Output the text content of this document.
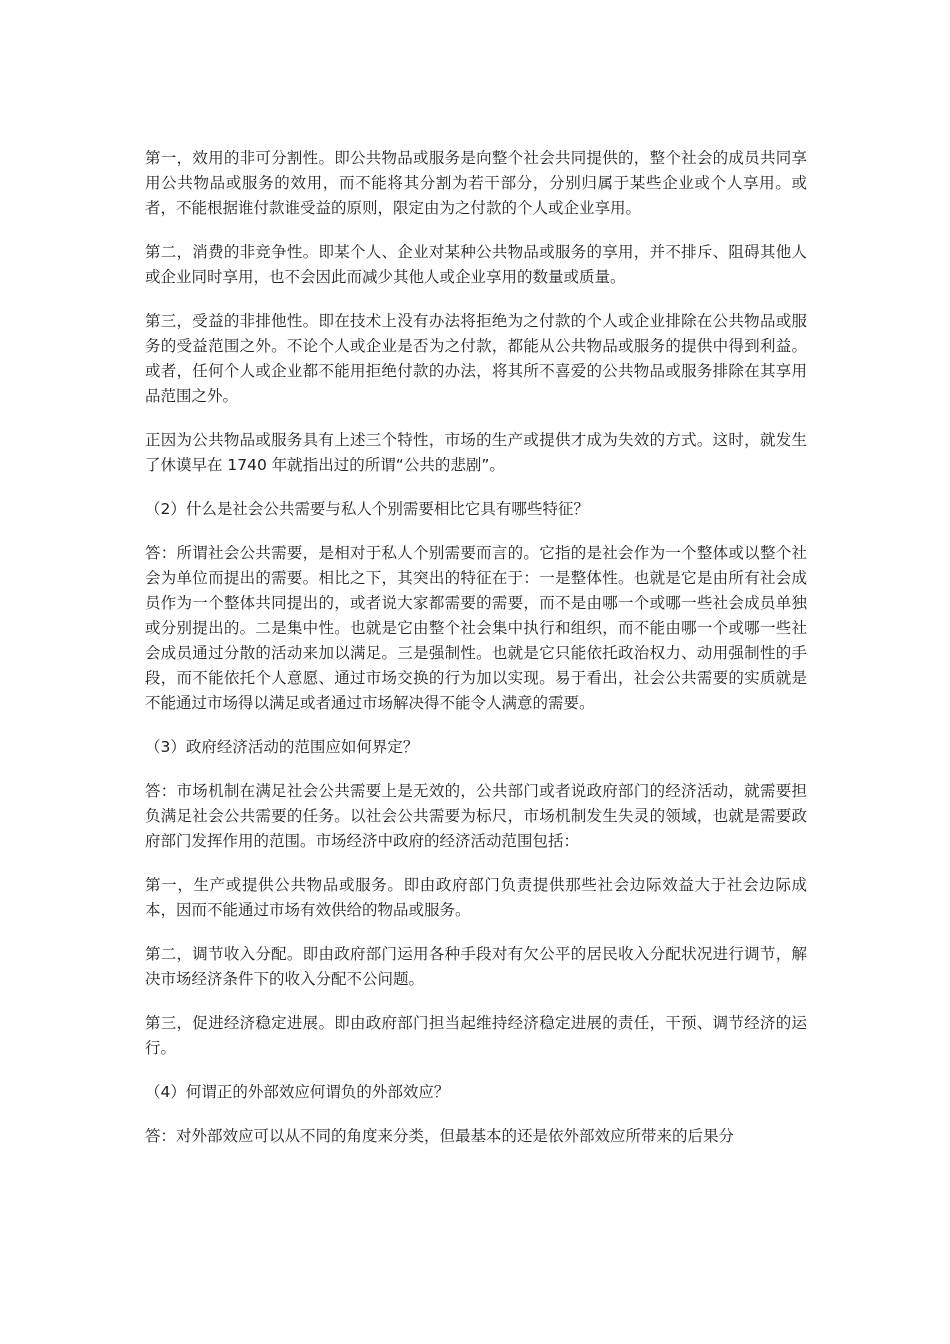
第一，效用的非可分割性。即公共物品或服务是向整个社会共同提供的，整个社会的成员共同享用公共物品或服务的效用，而不能将其分割为若干部分，分别归属于某些企业或个人享用。或者，不能根据谁付款谁受益的原则，限定由为之付款的个人或企业享用。

第二，消费的非竞争性。即某个人、企业对某种公共物品或服务的享用，并不排斥、阻碍其他人或企业同时享用，也不会因此而减少其他人或企业享用的数量或质量。

第三，受益的非排他性。即在技术上没有办法将拒绝为之付款的个人或企业排除在公共物品或服务的受益范围之外。不论个人或企业是否为之付款，都能从公共物品或服务的提供中得到利益。或者，任何个人或企业都不能用拒绝付款的办法，将其所不喜爱的公共物品或服务排除在其享用品范围之外。

正因为公共物品或服务具有上述三个特性，市场的生产或提供才成为失效的方式。这时，就发生了休谟早在 1740 年就指出过的所谓“公共的悲剧”。

（2）什么是社会公共需要与私人个别需要相比它具有哪些特征？

答：所谓社会公共需要，是相对于私人个别需要而言的。它指的是社会作为一个整体或以整个社会为单位而提出的需要。相比之下，其突出的特征在于：一是整体性。也就是它是由所有社会成员作为一个整体共同提出的，或者说大家都需要的需要，而不是由哪一个或哪一些社会成员单独或分别提出的。二是集中性。也就是它由整个社会集中执行和组织，而不能由哪一个或哪一些社会成员通过分散的活动来加以满足。三是强制性。也就是它只能依托政治权力、动用强制性的手段，而不能依托个人意愿、通过市场交换的行为加以实现。易于看出，社会公共需要的实质就是不能通过市场得以满足或者通过市场解决得不能令人满意的需要。

（3）政府经济活动的范围应如何界定？

答：市场机制在满足社会公共需要上是无效的，公共部门或者说政府部门的经济活动，就需要担负满足社会公共需要的任务。以社会公共需要为标尺，市场机制发生失灵的领域，也就是需要政府部门发挥作用的范围。市场经济中政府的经济活动范围包括：

第一，生产或提供公共物品或服务。即由政府部门负责提供那些社会边际效益大于社会边际成本，因而不能通过市场有效供给的物品或服务。

第二，调节收入分配。即由政府部门运用各种手段对有欠公平的居民收入分配状况进行调节，解决市场经济条件下的收入分配不公问题。

第三，促进经济稳定进展。即由政府部门担当起维持经济稳定进展的责任，干预、调节经济的运行。

（4）何谓正的外部效应何谓负的外部效应？

答：对外部效应可以从不同的角度来分类，但最基本的还是依外部效应所带来的后果分
